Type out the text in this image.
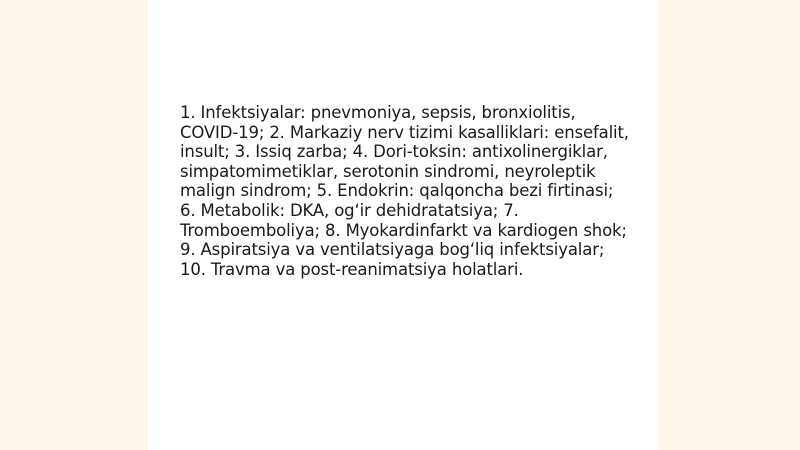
1. Infektsiyalar: pnevmoniya, sepsis, bronxiolitis, COVID-19; 2. Markaziy nerv tizimi kasalliklari: ensefalit, insult; 3. Issiq zarba; 4. Dori-toksin: antixolinergiklar, simpatomimetiklar, serotonin sindromi, neyroleptik malign sindrom; 5. Endokrin: qalqoncha bezi firtinasi; 6. Metabolik: DKA, og‘ir dehidratatsiya; 7. Tromboemboliya; 8. Myokardinfarkt va kardiogen shok; 9. Aspiratsiya va ventilatsiyaga bog‘liq infektsiyalar; 10. Travma va post-reanimatsiya holatlari.
